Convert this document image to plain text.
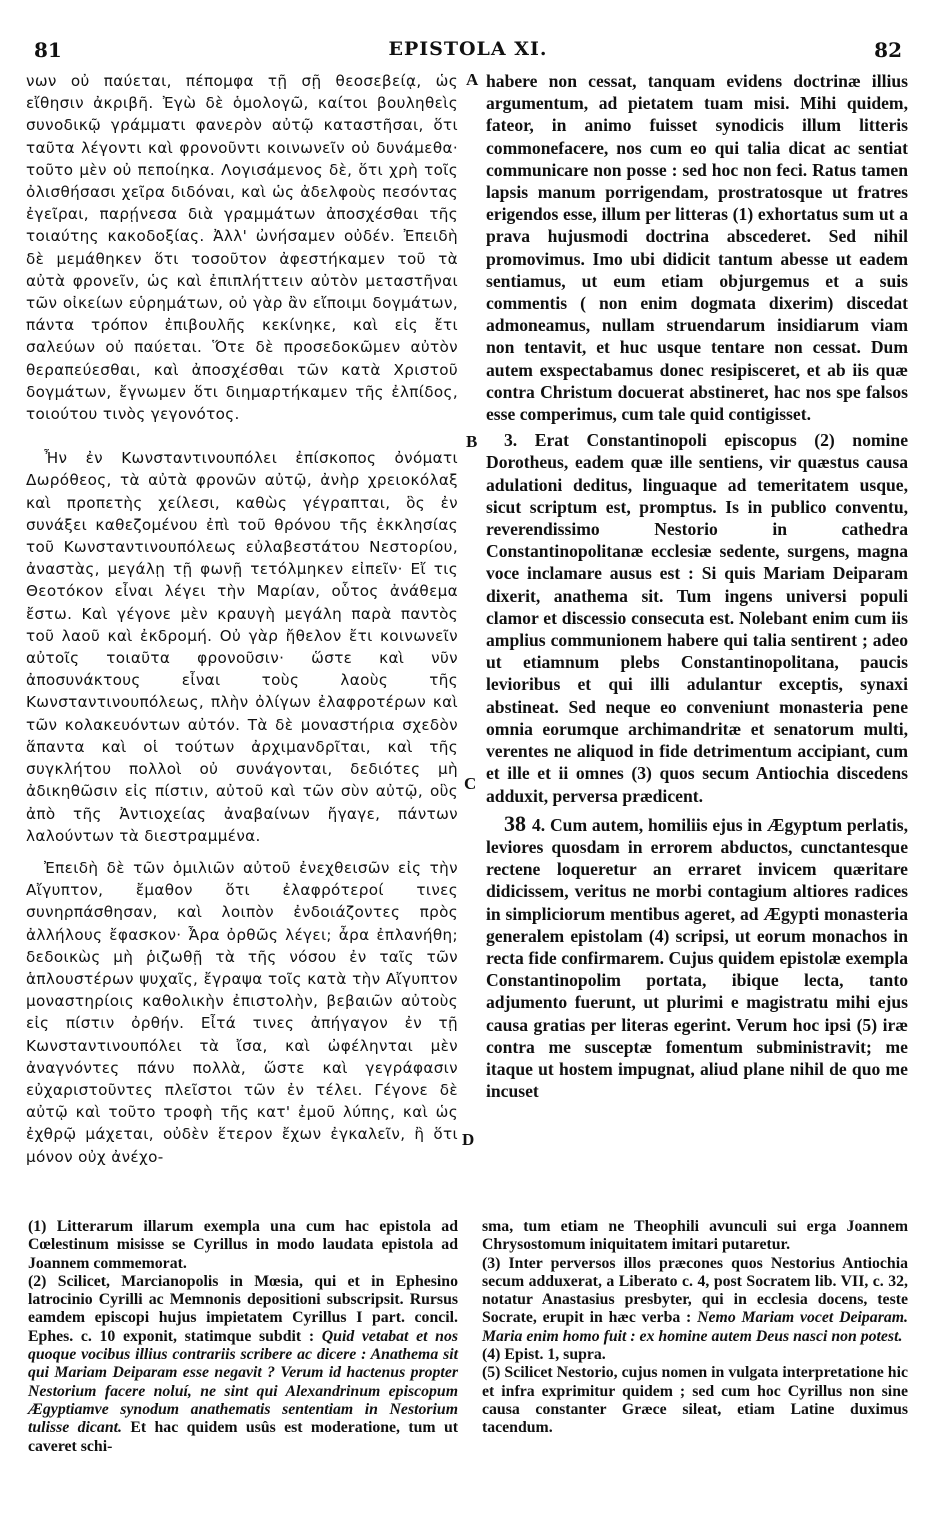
81	EPISTOLA XI.	82

νων οὐ παύεται, πέπομφα τῇ σῇ θεοσεβείᾳ, ὡς εἴθησιν ἀκριβῆ. Ἐγὼ δὲ ὁμολογῶ, καίτοι βουληθεὶς συνοδικῷ γράμματι φανερὸν αὐτῷ καταστῆσαι, ὅτι ταῦτα λέγοντι καὶ φρονοῦντι κοινωνεῖν οὐ δυνάμεθα· τοῦτο μὲν οὐ πεποίηκα. Λογισάμενος δὲ, ὅτι χρὴ τοῖς ὀλισθήσασι χεῖρα διδόναι, καὶ ὡς ἀδελφοὺς πεσόντας ἐγεῖραι, παρῄνεσα διὰ γραμμάτων ἀποσχέσθαι τῆς τοιαύτης κακοδοξίας. Ἀλλ' ὠνήσαμεν οὐδέν. Ἐπειδὴ δὲ μεμάθηκεν ὅτι τοσοῦτον ἀφεστήκαμεν τοῦ τὰ αὐτὰ φρονεῖν, ὡς καὶ ἐπιπλήττειν αὐτὸν μεταστῆναι τῶν οἰκείων εὑρημάτων, οὐ γὰρ ἂν εἴποιμι δογμάτων, πάντα τρόπον ἐπιβουλῆς κεκίνηκε, καὶ εἰς ἔτι σαλεύων οὐ παύεται. Ὅτε δὲ προσεδοκῶμεν αὐτὸν θεραπεύεσθαι, καὶ ἀποσχέσθαι τῶν κατὰ Χριστοῦ δογμάτων, ἔγνωμεν ὅτι διημαρτήκαμεν τῆς ἐλπίδος, τοιούτου τινὸς γεγονότος.

Ἦν ἐν Κωνσταντινουπόλει ἐπίσκοπος ὀνόματι Δωρόθεος, τὰ αὐτὰ φρονῶν αὐτῷ, ἀνὴρ χρειοκόλαξ καὶ προπετὴς χείλεσι, καθὼς γέγραπται, ὃς ἐν συνάξει καθεζομένου ἐπὶ τοῦ θρόνου τῆς ἐκκλησίας τοῦ Κωνσταντινουπόλεως εὐλαβεστάτου Νεστορίου, ἀναστὰς, μεγάλῃ τῇ φωνῇ τετόλμηκεν εἰπεῖν· Εἴ τις Θεοτόκον εἶναι λέγει τὴν Μαρίαν, οὗτος ἀνάθεμα ἔστω. Καὶ γέγονε μὲν κραυγὴ μεγάλη παρὰ παντὸς τοῦ λαοῦ καὶ ἐκδρομή. Οὐ γὰρ ἤθελον ἔτι κοινωνεῖν αὐτοῖς τοιαῦτα φρονοῦσιν· ὥστε καὶ νῦν ἀποσυνάκτους εἶναι τοὺς λαοὺς τῆς Κωνσταντινουπόλεως, πλὴν ὀλίγων ἐλαφροτέρων καὶ τῶν κολακευόντων αὐτόν. Τὰ δὲ μοναστήρια σχεδὸν ἅπαντα καὶ οἱ τούτων ἀρχιμανδρῖται, καὶ τῆς συγκλήτου πολλοὶ οὐ συνάγονται, δεδιότες μὴ ἀδικηθῶσιν εἰς πίστιν, αὐτοῦ καὶ τῶν σὺν αὐτῷ, οὓς ἀπὸ τῆς Ἀντιοχείας ἀναβαίνων ἤγαγε, πάντων λαλούντων τὰ διεστραμμένα.

Ἐπειδὴ δὲ τῶν ὁμιλιῶν αὐτοῦ ἐνεχθεισῶν εἰς τὴν Αἴγυπτον, ἔμαθον ὅτι ἐλαφρότεροί τινες συνηρπάσθησαν, καὶ λοιπὸν ἐνδοιάζοντες πρὸς ἀλλήλους ἔφασκον· Ἆρα ὀρθῶς λέγει; ἆρα ἐπλανήθη; δεδοικὼς μὴ ῥιζωθῇ τὰ τῆς νόσου ἐν ταῖς τῶν ἁπλουστέρων ψυχαῖς, ἔγραψα τοῖς κατὰ τὴν Αἴγυπτον μοναστηρίοις καθολικὴν ἐπιστολὴν, βεβαιῶν αὐτοὺς εἰς πίστιν ὀρθήν. Εἶτά τινες ἀπήγαγον ἐν τῇ Κωνσταντινουπόλει τὰ ἴσα, καὶ ὠφέληνται μὲν ἀναγνόντες πάνυ πολλὰ, ὥστε καὶ γεγράφασιν εὐχαριστοῦντες πλεῖστοι τῶν ἐν τέλει. Γέγονε δὲ αὐτῷ καὶ τοῦτο τροφὴ τῆς κατ' ἐμοῦ λύπης, καὶ ὡς ἐχθρῷ μάχεται, οὐδὲν ἕτερον ἔχων ἐγκαλεῖν, ἢ ὅτι μόνον οὐχ ἀνέχο-

A
B
C
D

habere non cessat, tanquam evidens doctrinæ illius argumentum, ad pietatem tuam misi. Mihi quidem, fateor, in animo fuisset synodicis illum litteris commonefacere, nos cum eo qui talia dicat ac sentiat communicare non posse : sed hoc non feci. Ratus tamen lapsis manum porrigendam, prostratosque ut fratres erigendos esse, illum per litteras (1) exhortatus sum ut a prava hujusmodi doctrina abscederet. Sed nihil promovimus. Imo ubi didicit tantum abesse ut eadem sentiamus, ut eum etiam objurgemus et a suis commentis ( non enim dogmata dixerim) discedat admoneamus, nullam struendarum insidiarum viam non tentavit, et huc usque tentare non cessat. Dum autem exspectabamus donec resipisceret, et ab iis quæ contra Christum docuerat abstineret, hac nos spe falsos esse comperimus, cum tale quid contigisset.

3. Erat Constantinopoli episcopus (2) nomine Dorotheus, eadem quæ ille sentiens, vir quæstus causa adulationi deditus, linguaque ad temeritatem usque, sicut scriptum est, promptus. Is in publico conventu, reverendissimo Nestorio in cathedra Constantinopolitanæ ecclesiæ sedente, surgens, magna voce inclamare ausus est : Si quis Mariam Deiparam dixerit, anathema sit. Tum ingens universi populi clamor et discessio consecuta est. Nolebant enim cum iis amplius communionem habere qui talia sentirent ; adeo ut etiamnum plebs Constantinopolitana, paucis levioribus et qui illi adulantur exceptis, synaxi abstineat. Sed neque eo conveniunt monasteria pene omnia eorumque archimandritæ et senatorum multi, verentes ne aliquod in fide detrimentum accipiant, cum et ille et ii omnes (3) quos secum Antiochia discedens adduxit, perversa prædicent.

38 4. Cum autem, homiliis ejus in Ægyptum perlatis, leviores quosdam in errorem abductos, cunctantesque rectene loqueretur an erraret invicem quæritare didicissem, veritus ne morbi contagium altiores radices in simpliciorum mentibus ageret, ad Ægypti monasteria generalem epistolam (4) scripsi, ut eorum monachos in recta fide confirmarem. Cujus quidem epistolæ exempla Constantinopolim portata, ibique lecta, tanto adjumento fuerunt, ut plurimi e magistratu mihi ejus causa gratias per literas egerint. Verum hoc ipsi (5) iræ contra me susceptæ fomentum subministravit; me itaque ut hostem impugnat, aliud plane nihil de quo me incuset

(1) Litterarum illarum exempla una cum hac epistola ad Cœlestinum misisse se Cyrillus in modo laudata epistola ad Joannem commemorat.

(2) Scilicet, Marcianopolis in Mœsia, qui et in Ephesino latrocinio Cyrilli ac Memnonis depositioni subscripsit. Rursus eamdem episcopi hujus impietatem Cyrillus I part. concil. Ephes. c. 10 exponit, statimque subdit : Quid vetabat et nos quoque vocibus illius contrariis scribere ac dicere : Anathema sit qui Mariam Deiparam esse negavit ? Verum id hactenus propter Nestorium facere noluí, ne sint qui Alexandrinum episcopum Ægyptiamve synodum anathematis sententiam in Nestorium tulisse dicant. Et hac quidem usûs est moderatione, tum ut caveret schi-

sma, tum etiam ne Theophili avunculi sui erga Joannem Chrysostomum iniquitatem imitari putaretur.

(3) Inter perversos illos præcones quos Nestorius Antiochia secum adduxerat, a Liberato c. 4, post Socratem lib. VII, c. 32, notatur Anastasius presbyter, qui in ecclesia docens, teste Socrate, erupit in hæc verba : Nemo Mariam vocet Deiparam. Maria enim homo fuit : ex homine autem Deus nasci non potest.

(4) Epist. 1, supra.

(5) Scilicet Nestorio, cujus nomen in vulgata interpretatione hic et infra exprimitur quidem ; sed cum hoc Cyrillus non sine causa constanter Græce sileat, etiam Latine duximus tacendum.
